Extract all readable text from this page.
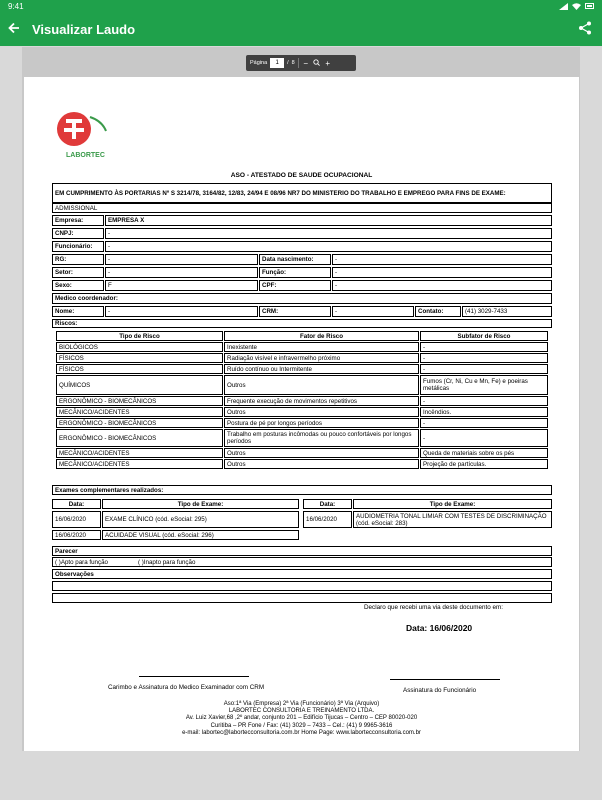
9:41
Visualizar Laudo
Página	1	/ 8 − +
LABORTEC
ASO - ATESTADO DE SAUDE OCUPACIONAL
EM CUMPRIMENTO ÀS PORTARIAS Nº S 3214/78, 3164/82, 12/83, 24/94 E 08/96 NR7 DO MINISTERIO DO TRABALHO E EMPREGO PARA FINS DE EXAME:
ADMISSIONAL
Empresa:	EMPRESA X
CNPJ:	-
Funcionário:	-
RG:	-	Data nascimento:	-
Setor:	-	Função:	-
Sexo:	F	CPF:	-
Medico coordenador:
Nome:	-	CRM:	-	Contato:	(41) 3029-7433
Riscos:
Tipo de Risco	Fator de Risco	Subfator de Risco
BIOLÓGICOS	Inexistente	-
FÍSICOS	Radiação visível e infravermelho próximo	-
FÍSICOS	Ruído contínuo ou Intermitente	-
QUÍMICOS	Outros	Fumos (Cr, Ni, Cu e Mn, Fe) e poeiras metálicas
ERGONÔMICO - BIOMECÂNICOS	Frequente execução de movimentos repetitivos	-
MECÂNICO/ACIDENTES	Outros	Incêndios.
ERGONÔMICO - BIOMECÂNICOS	Postura de pé por longos períodos	-
ERGONÔMICO - BIOMECÂNICOS	Trabalho em posturas incômodas ou pouco confortáveis por longos períodos	-
MECÂNICO/ACIDENTES	Outros	Queda de materiais sobre os pés
MECÂNICO/ACIDENTES	Outros	Projeção de partículas.
Exames complementares realizados:
Data:	Tipo de Exame:	Data:	Tipo de Exame:
16/06/2020	EXAME CLÍNICO (cód. eSocial: 295)	16/06/2020	AUDIOMETRIA TONAL LIMIAR COM TESTES DE DISCRIMINAÇÃO (cód. eSocial: 283)
16/06/2020	ACUIDADE VISUAL (cód. eSocial: 296)
Parecer
( )Apto para função	( )Inapto para função
Observações
Declaro que recebi uma via deste documento em:
Data: 16/06/2020
Carimbo e Assinatura do Medico Examinador com CRM	Assinatura do Funcionário
Aso:1ª Via (Empresa) 2ª Via (Funcionário) 3ª Via (Arquivo)
LABORTEC CONSULTORIA E TREINAMENTO LTDA.
Av. Luiz Xavier,68 ,2º andar, conjunto 201 – Edifício Tijucas – Centro – CEP 80020-020
Curitiba – PR Fone / Fax: (41) 3029 – 7433 – Cel.: (41) 9 9965-3616
e-mail: labortec@labortecconsultoria.com.br Home Page: www.labortecconsultoria.com.br
